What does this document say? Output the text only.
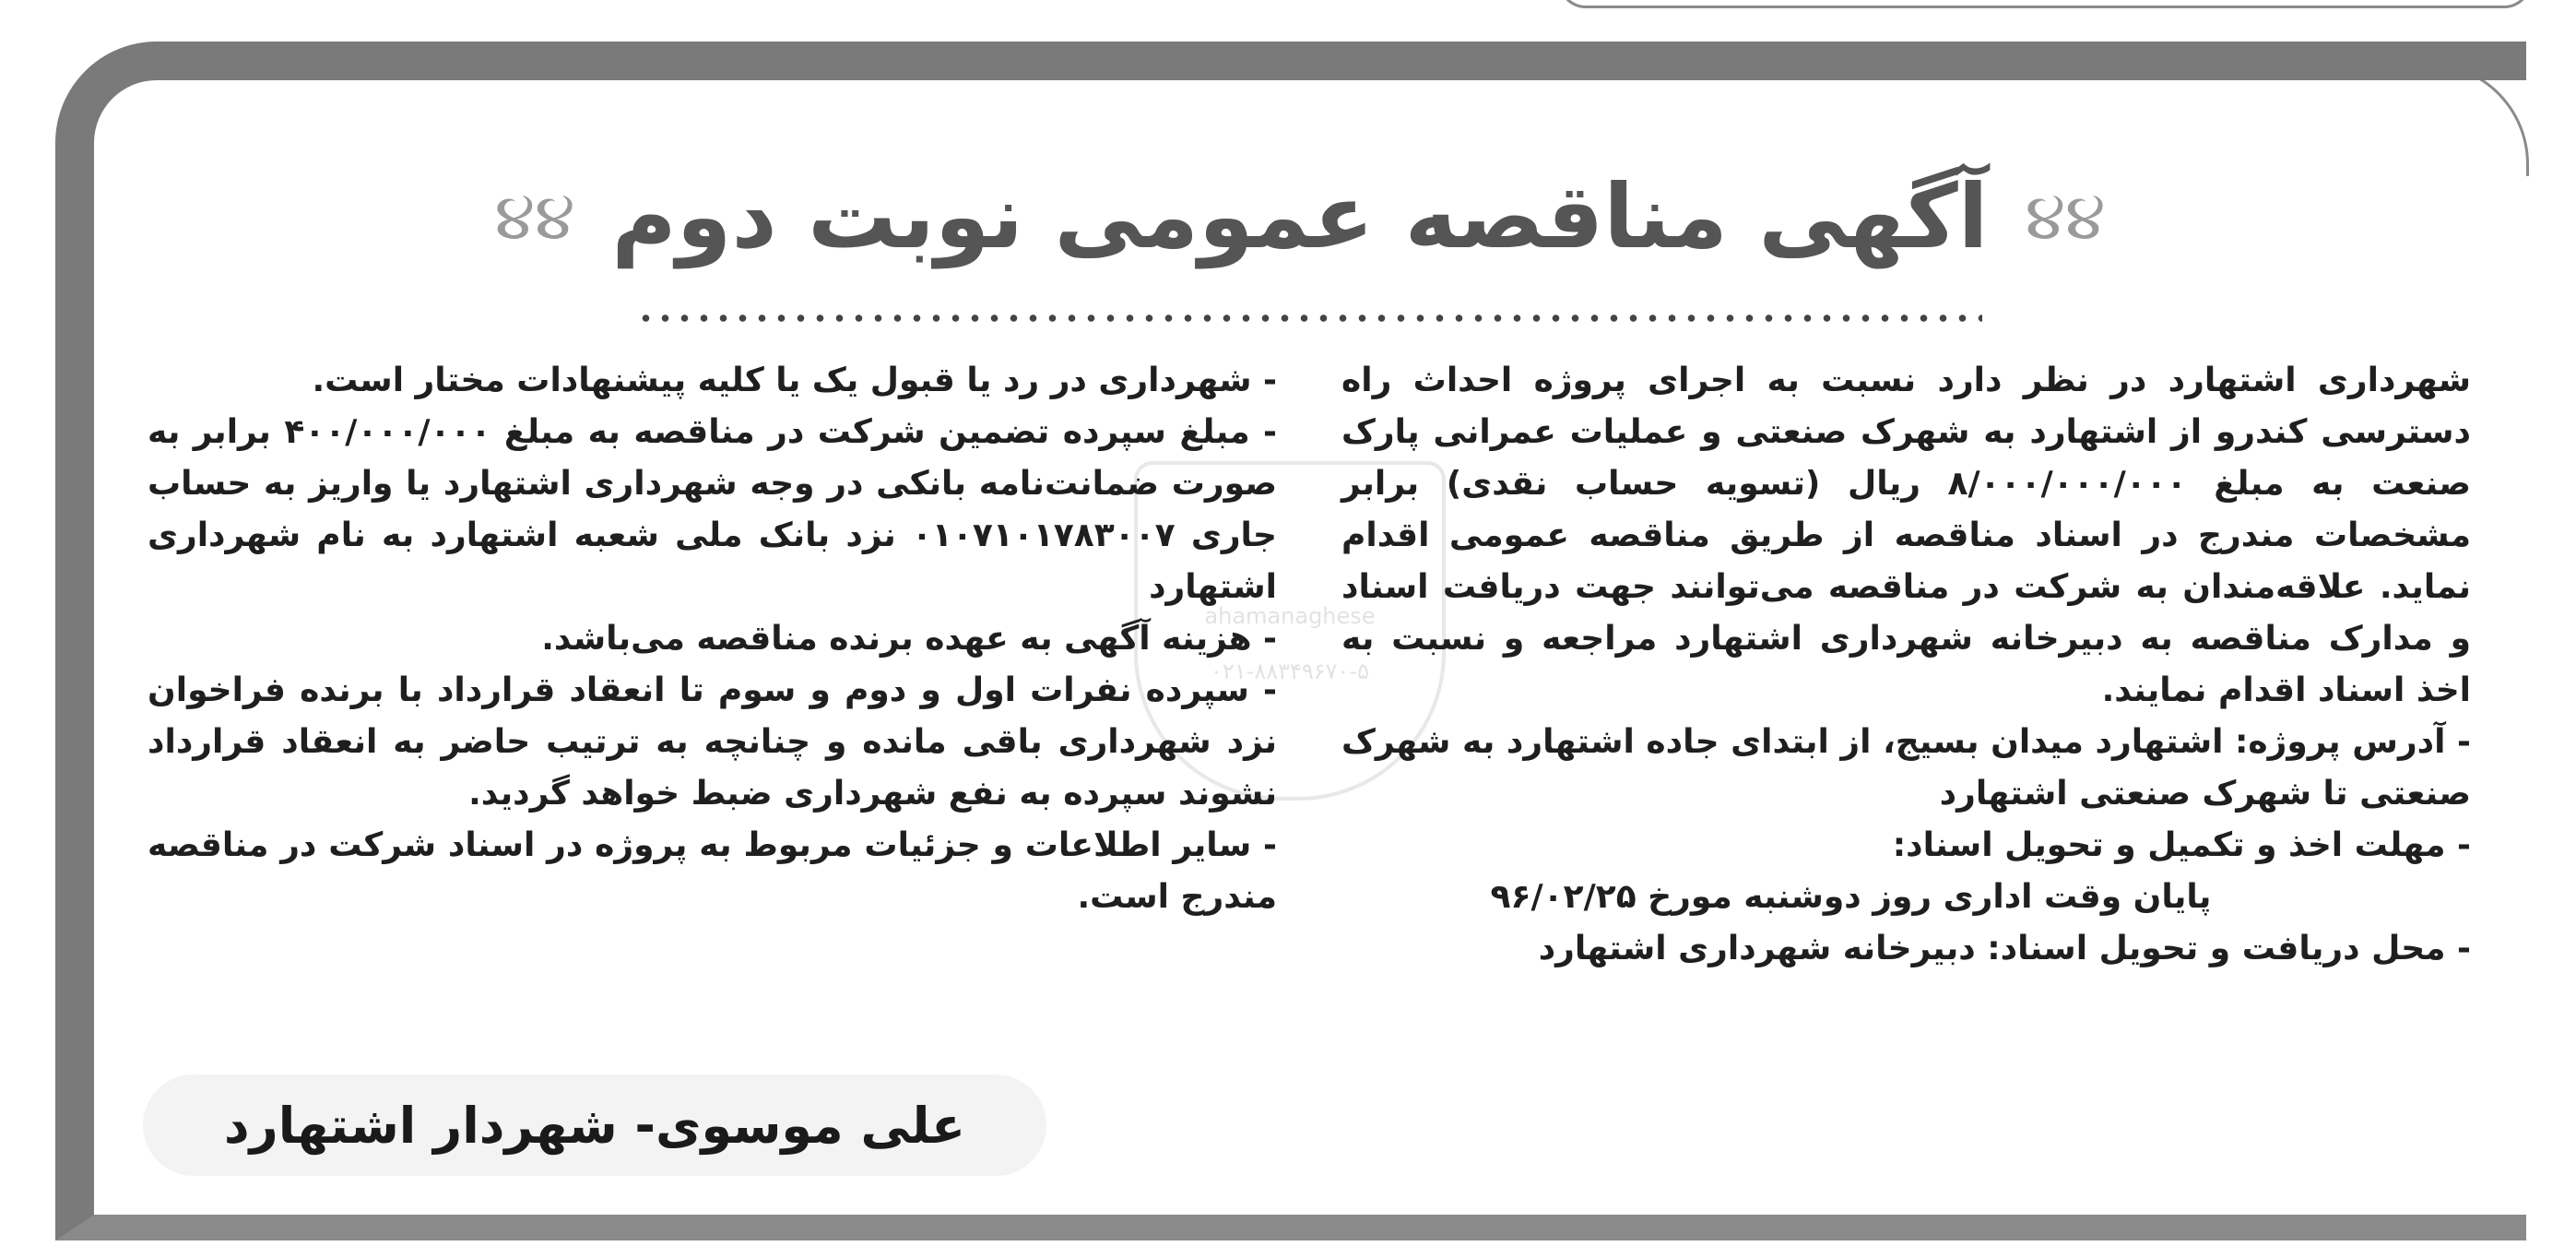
૪૪ آگهی مناقصه عمومی نوبت دوم ૪૪
ahamanaghese
۰۲۱-۸۸۳۴۹۶۷۰-۵

شهرداری اشتهارد در نظر دارد نسبت به اجرای پروژه احداث راه دسترسی کندرو از اشتهارد به شهرک صنعتی و عملیات عمرانی پارک صنعت به مبلغ ۸/۰۰۰/۰۰۰/۰۰۰ ریال (تسویه حساب نقدی) برابر مشخصات مندرج در اسناد مناقصه از طریق مناقصه عمومی اقدام نماید. علاقه‌مندان به شرکت در مناقصه می‌توانند جهت دریافت اسناد و مدارک مناقصه به دبیرخانه شهرداری اشتهارد مراجعه و نسبت به اخذ اسناد اقدام نمایند.

- آدرس پروژه: اشتهارد میدان بسیج، از ابتدای جاده اشتهارد به شهرک صنعتی تا شهرک صنعتی اشتهارد

- مهلت اخذ و تکمیل و تحویل اسناد:

پایان وقت اداری روز دوشنبه مورخ ۹۶/۰۲/۲۵

- محل دریافت و تحویل اسناد: دبیرخانه شهرداری اشتهارد

- شهرداری در رد یا قبول یک یا کلیه پیشنهادات مختار است.

- مبلغ سپرده تضمین شرکت در مناقصه به مبلغ ۴۰۰/۰۰۰/۰۰۰ برابر به صورت ضمانت‌نامه بانکی در وجه شهرداری اشتهارد یا واریز به حساب جاری ۰۱۰۷۱۰۱۷۸۳۰۰۷ نزد بانک ملی شعبه اشتهارد به نام شهرداری اشتهارد

- هزینه آگهی به عهده برنده مناقصه می‌باشد.

- سپرده نفرات اول و دوم و سوم تا انعقاد قرارداد با برنده فراخوان نزد شهرداری باقی مانده و چنانچه به ترتیب حاضر به انعقاد قرارداد نشوند سپرده به نفع شهرداری ضبط خواهد گردید.

- سایر اطلاعات و جزئیات مربوط به پروژه در اسناد شرکت در مناقصه مندرج است.

علی موسوی- شهردار اشتهارد
